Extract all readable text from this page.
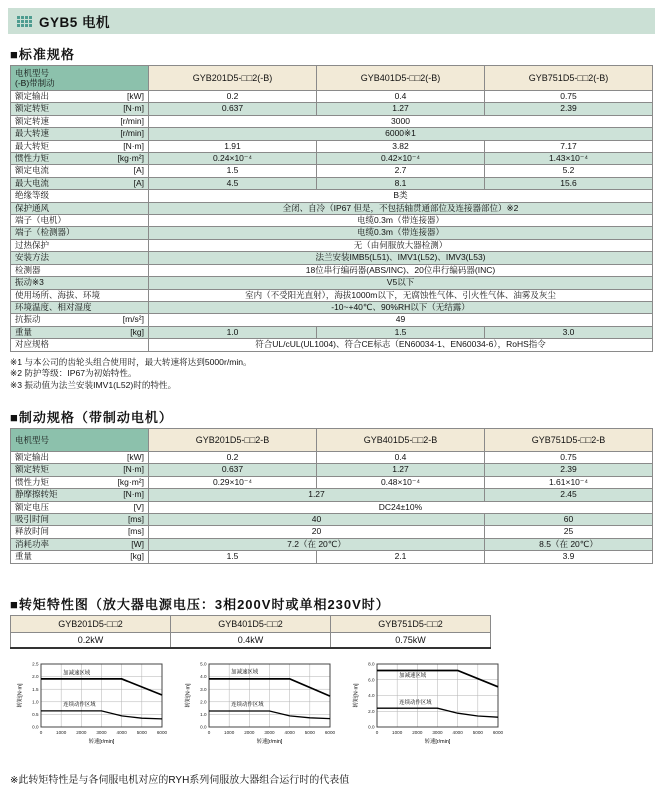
GYB5 电机
■标准规格
电机型号
(-B)带制动	GYB201D5-□□2(-B)	GYB401D5-□□2(-B)	GYB751D5-□□2(-B)

额定输出 [kW]	0.2	0.4	0.75

额定转矩 [N·m]	0.637	1.27	2.39

额定转速 [r/min]	3000		

最大转速 [r/min]	6000※1		

最大转矩 [N·m]	1.91	3.82	7.17

惯性力矩 [kg·m²]	0.24×10⁻⁴	0.42×10⁻⁴	1.43×10⁻⁴

额定电流 [A]	1.5	2.7	5.2

最大电流 [A]	4.5	8.1	15.6

绝缘等级	B类		

保护通风	全闭、自冷（IP67 但是，不包括轴贯通部位及连接器部位）※2		

端子（电机）	电缆0.3m（带连接器）		

端子（检测器）	电缆0.3m（带连接器）		

过热保护	无（由伺服放大器检测）		

安装方法	法兰安装IMB5(L51)、IMV1(L52)、IMV3(L53)		

检测器	18位串行编码器(ABS/INC)、20位串行编码器(INC)		

振动※3	V5以下		

使用场所、海拔、环境	室内（不受阳光直射），海拔1000m以下，无腐蚀性气体、引火性气体、油雾及灰尘		

环境温度、相对湿度	-10~+40℃、90%RH以下（无结露）		

抗振动 [m/s²]	49		

重量 [kg]	1.0	1.5	3.0

对应规格	符合UL/cUL(UL1004)、符合CE标志（EN60034-1、EN60034-6），RoHS指令		
※1 与本公司的齿轮头组合使用时，最大转速将达到5000r/min。
※2 防护等级：IP67为初始特性。
※3 振动值为法兰安装IMV1(L52)时的特性。
■制动规格（带制动电机）
电机型号	GYB201D5-□□2-B	GYB401D5-□□2-B	GYB751D5-□□2-B

额定输出 [kW]	0.2	0.4	0.75

额定转矩 [N·m]	0.637	1.27	2.39

惯性力矩 [kg·m²]	0.29×10⁻⁴	0.48×10⁻⁴	1.61×10⁻⁴

静摩擦转矩 [N·m]	1.27		2.45

额定电压 [V]	DC24±10%		

吸引时间 [ms]	40		60

释放时间 [ms]	20		25

消耗功率 [W]	7.2（在 20℃）		8.5（在 20℃）

重量 [kg]	1.5	2.1	3.9
■转矩特性图（放大器电源电压：3相200V时或单相230V时）
GYB201D5-□□2	GYB401D5-□□2	GYB751D5-□□2
0.2kW	0.4kW	0.75kW
0	1000 2000 3000 4000 5000 6000
0.0
0.5
1.0
1.5
2.0
2.5
加减速区域
连续动作区域
转速[r/min]
转矩[N·m]
0	1000 2000 3000 4000 5000 6000
0.0
1.0
2.0
3.0
4.0
5.0
加减速区域
连续动作区域
转速[r/min]
转矩[N·m]
0	1000 2000 3000 4000 5000 6000
0.0
2.0
4.0
6.0
8.0
加减速区域
连续动作区域
转速[r/min]
转矩[N·m]
※此转矩特性是与各伺服电机对应的RYH系列伺服放大器组合运行时的代表值
